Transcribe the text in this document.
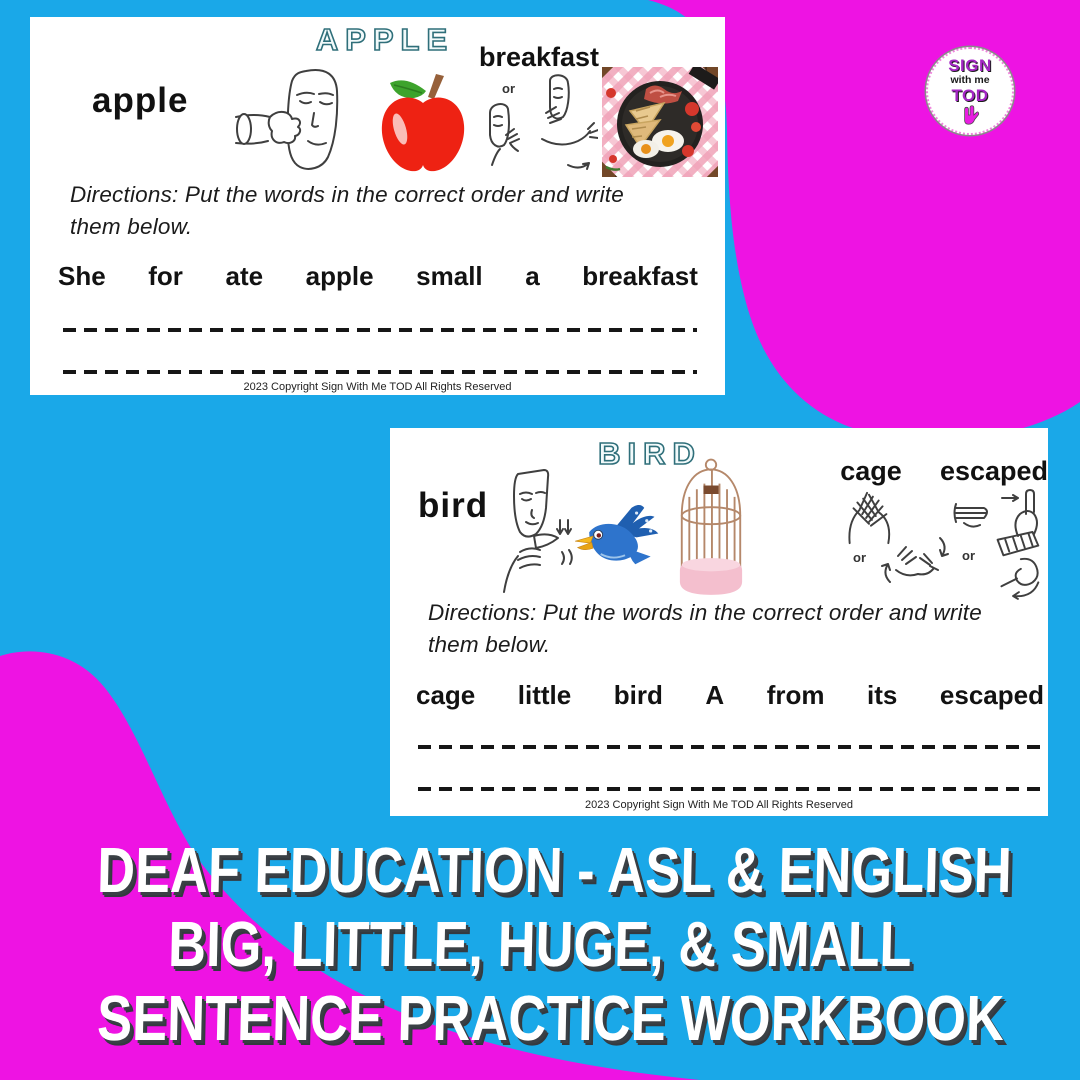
APPLE
apple
breakfast
or
Directions: Put the words in the correct order and write
them below.
She for ate apple small a breakfast
2023 Copyright Sign With Me TOD All Rights Reserved
BIRD
bird
cage	escaped
or	or
Directions: Put the words in the correct order and write
them below.
cage little bird A from its escaped
2023 Copyright Sign With Me TOD All Rights Reserved
SIGN
with me
TOD
DEAF EDUCATION - ASL & ENGLISH
BIG, LITTLE, HUGE, & SMALL
SENTENCE PRACTICE WORKBOOK
